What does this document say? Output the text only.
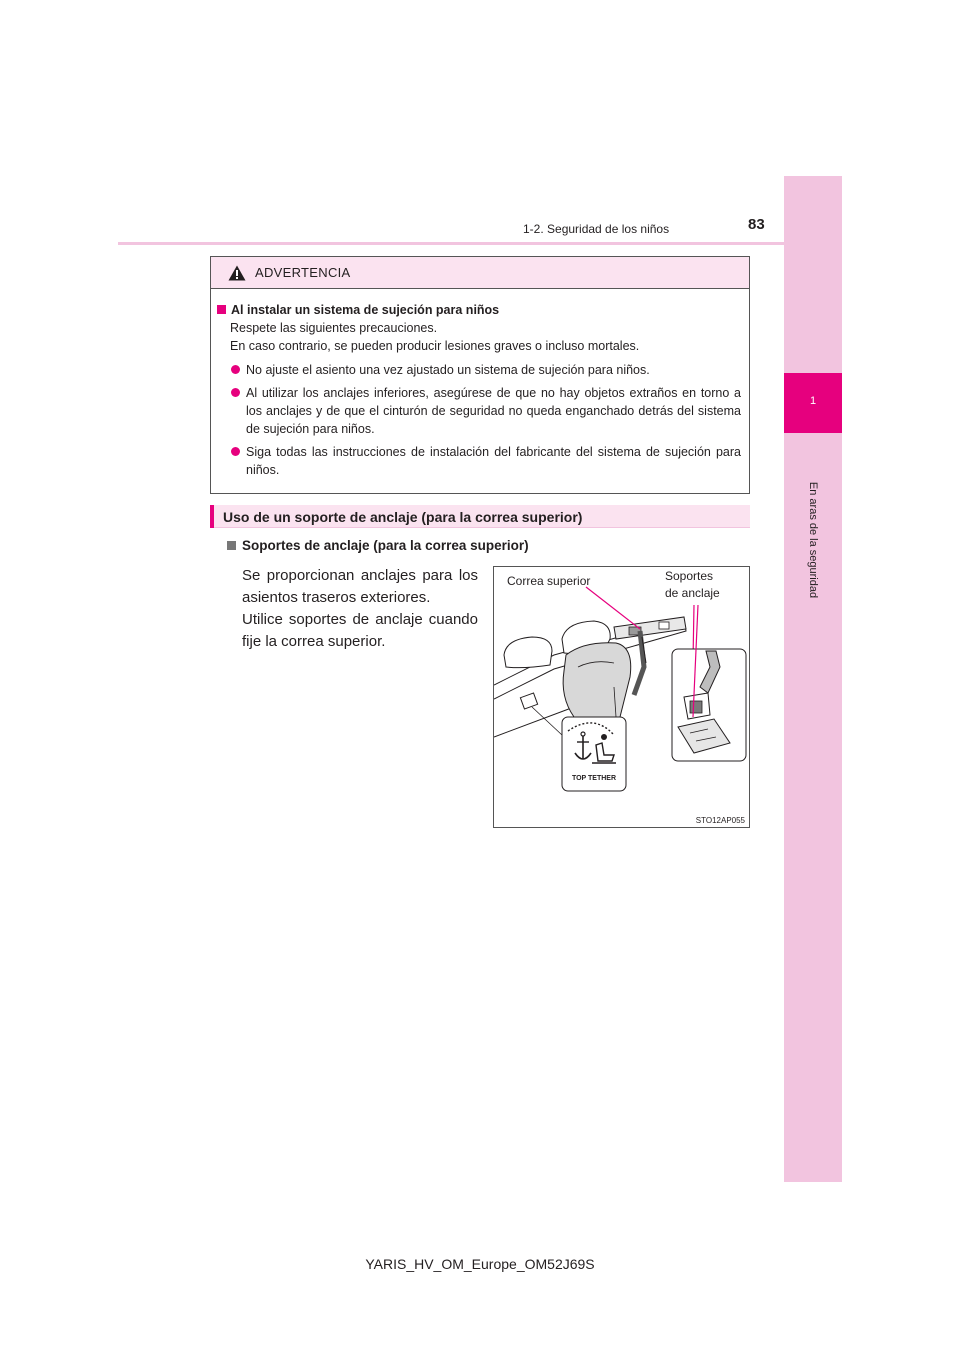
1
En aras de la seguridad
1-2. Seguridad de los niños	83
ADVERTENCIA
Al instalar un sistema de sujeción para niños
Respete las siguientes precauciones.
En caso contrario, se pueden producir lesiones graves o incluso mortales.
No ajuste el asiento una vez ajustado un sistema de sujeción para niños.
Al utilizar los anclajes inferiores, asegúrese de que no hay objetos extraños en torno a los anclajes y de que el cinturón de seguridad no queda enganchado detrás del sistema de sujeción para niños.
Siga todas las instrucciones de instalación del fabricante del sistema de sujeción para niños.
Uso de un soporte de anclaje (para la correa superior)
Soportes de anclaje (para la correa superior)
Se proporcionan anclajes para los asientos traseros exteriores.
Utilice soportes de anclaje cuando fije la correa superior.
TOP TETHER
Correa superior	Soportes
de anclaje
STO12AP055
YARIS_HV_OM_Europe_OM52J69S
